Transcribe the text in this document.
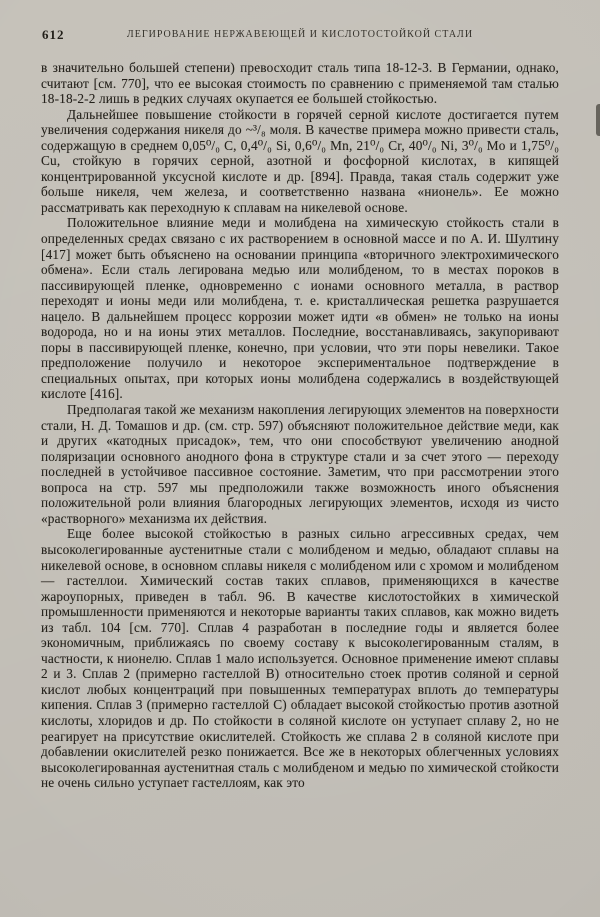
612	ЛЕГИРОВАНИЕ НЕРЖАВЕЮЩЕЙ И КИСЛОТОСТОЙКОЙ СТАЛИ

в значительно большей степени) превосходит сталь типа 18-12-3. В Германии, однако, считают [см. 770], что ее высокая стоимость по сравнению с применяемой там сталью 18-18-2-2 лишь в редких случаях окупается ее большей стойкостью.

Дальнейшее повышение стойкости в горячей серной кислоте достигается путем увеличения содержания никеля до ~³/₈ моля. В качестве примера можно привести сталь, содержащую в среднем 0,05⁰/₀ C, 0,4⁰/₀ Si, 0,6⁰/₀ Mn, 21⁰/₀ Cr, 40⁰/₀ Ni, 3⁰/₀ Mo и 1,75⁰/₀ Cu, стойкую в горячих серной, азотной и фосфорной кислотах, в кипящей концентрированной уксусной кислоте и др. [894]. Правда, такая сталь содержит уже больше никеля, чем железа, и соответственно названа «нионель». Ее можно рассматривать как переходную к сплавам на никелевой основе.

Положительное влияние меди и молибдена на химическую стойкость стали в определенных средах связано с их растворением в основной массе и по А. И. Шултину [417] может быть объяснено на основании принципа «вторичного электрохимического обмена». Если сталь легирована медью или молибденом, то в местах пороков в пассивирующей пленке, одновременно с ионами основного металла, в раствор переходят и ионы меди или молибдена, т. е. кристаллическая решетка разрушается нацело. В дальнейшем процесс коррозии может идти «в обмен» не только на ионы водорода, но и на ионы этих металлов. Последние, восстанавливаясь, закупоривают поры в пассивирующей пленке, конечно, при условии, что эти поры невелики. Такое предположение получило и некоторое экспериментальное подтверждение в специальных опытах, при которых ионы молибдена содержались в воздействующей кислоте [416].

Предполагая такой же механизм накопления легирующих элементов на поверхности стали, Н. Д. Томашов и др. (см. стр. 597) объясняют положительное действие меди, как и других «катодных присадок», тем, что они способствуют увеличению анодной поляризации основного анодного фона в структуре стали и за счет этого — переходу последней в устойчивое пассивное состояние. Заметим, что при рассмотрении этого вопроса на стр. 597 мы предположили также возможность иного объяснения положительной роли влияния благородных легирующих элементов, исходя из чисто «растворного» механизма их действия.

Еще более высокой стойкостью в разных сильно агрессивных средах, чем высоколегированные аустенитные стали с молибденом и медью, обладают сплавы на никелевой основе, в основном сплавы никеля с молибденом или с хромом и молибденом — гастеллои. Химический состав таких сплавов, применяющихся в качестве жароупорных, приведен в табл. 96. В качестве кислотостойких в химической промышленности применяются и некоторые варианты таких сплавов, как можно видеть из табл. 104 [см. 770]. Сплав 4 разработан в последние годы и является более экономичным, приближаясь по своему составу к высоколегированным сталям, в частности, к нионелю. Сплав 1 мало используется. Основное применение имеют сплавы 2 и 3. Сплав 2 (примерно гастеллой В) относительно стоек против соляной и серной кислот любых концентраций при повышенных температурах вплоть до температуры кипения. Сплав 3 (примерно гастеллой С) обладает высокой стойкостью против азотной кислоты, хлоридов и др. По стойкости в соляной кислоте он уступает сплаву 2, но не реагирует на присутствие окислителей. Стойкость же сплава 2 в соляной кислоте при добавлении окислителей резко понижается. Все же в некоторых облегченных условиях высоколегированная аустенитная сталь с молибденом и медью по химической стойкости не очень сильно уступает гастеллоям, как это
